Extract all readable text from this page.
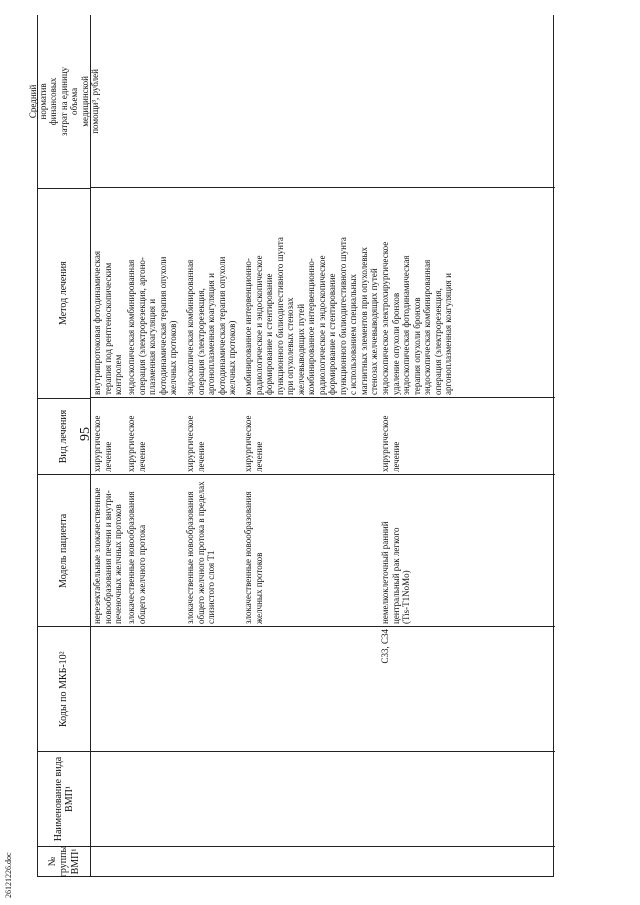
95
№
группы
ВМП¹
Наименование вида ВМП¹
Коды по МКБ-10²
Модель пациента
Вид лечения
Метод лечения
Средний
норматив
финансовых
затрат на единицу
объема
медицинской
помощи³, рублей
нерезектабельные злокачественные
новообразования печени и внутри-
печеночных желчных протоков
хирургическое
лечение
внутрипротоковая фотодинамическая
терапия под рентгеноскопическим
контролем
злокачественные новообразования
общего желчного протока
хирургическое
лечение
эндоскопическая комбинированная
операция (электрорезекция, аргоно-
плазменная коагуляция и
фотодинамическая терапия опухоли
желчных протоков)
злокачественные новообразования
общего желчного протока в пределах
слизистого слоя T1
хирургическое
лечение
эндоскопическая комбинированная
операция (электрорезекция,
аргоноплазменная коагуляция и
фотодинамическая терапия опухоли
желчных протоков)
злокачественные новообразования
желчных протоков
хирургическое
лечение
комбинированное интервенционно-
радиологическое и эндоскопическое
формирование и стентирование
пункционного билиодигестивного шунта
при опухолевых стенозах
желчевыводящих путей
комбинированное интервенционно-
радиологическое и эндоскопическое
формирование и стентирование
пункционного билиодигестивного шунта
с использованием специальных
магнитных элементов при опухолевых
стенозах желчевыводящих путей
C33, C34
немелкоклеточный ранний
центральный рак легкого
(Tis-T1NoMo)
хирургическое
лечение
эндоскопическое электрохирургическое
удаление опухоли бронхов
эндоскопическая фотодинамическая
терапия опухоли бронхов
эндоскопическая комбинированная
операция (электрорезекция,
аргоноплазменная коагуляция и
26121226.doc
